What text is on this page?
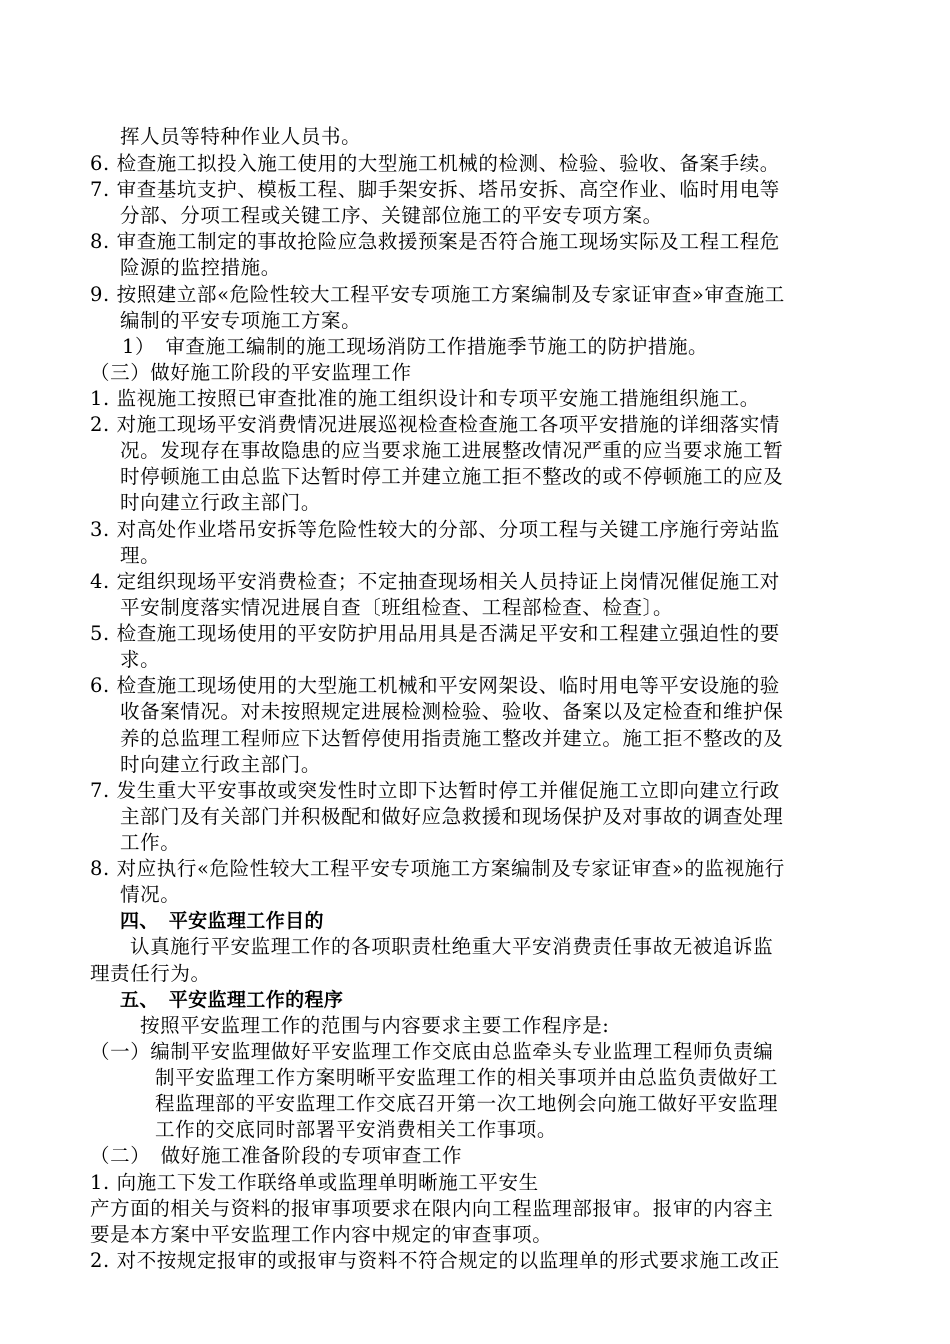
挥人员等特种作业人员书。
6. 检查施工拟投入施工使用的大型施工机械的检测、检验、验收、备案手续。
7. 审查基坑支护、模板工程、脚手架安拆、塔吊安拆、高空作业、临时用电等
分部、分项工程或关键工序、关键部位施工的平安专项方案。
8. 审查施工制定的事故抢险应急救援预案是否符合施工现场实际及工程工程危
险源的监控措施。
9. 按照建立部«危险性较大工程平安专项施工方案编制及专家证审查»审查施工
编制的平安专项施工方案。
1）　审查施工编制的施工现场消防工作措施季节施工的防护措施。
（三）做好施工阶段的平安监理工作
1. 监视施工按照已审查批准的施工组织设计和专项平安施工措施组织施工。
2. 对施工现场平安消费情况进展巡视检查检查施工各项平安措施的详细落实情
况。发现存在事故隐患的应当要求施工进展整改情况严重的应当要求施工暂
时停顿施工由总监下达暂时停工并建立施工拒不整改的或不停顿施工的应及
时向建立行政主部门。
3. 对高处作业塔吊安拆等危险性较大的分部、分项工程与关键工序施行旁站监
理。
4. 定组织现场平安消费检查；不定抽查现场相关人员持证上岗情况催促施工对
平安制度落实情况进展自查〔班组检查、工程部检查、检查〕。
5. 检查施工现场使用的平安防护用品用具是否满足平安和工程建立强迫性的要
求。
6. 检查施工现场使用的大型施工机械和平安网架设、临时用电等平安设施的验
收备案情况。对未按照规定进展检测检验、验收、备案以及定检查和维护保
养的总监理工程师应下达暂停使用指责施工整改并建立。施工拒不整改的及
时向建立行政主部门。
7. 发生重大平安事故或突发性时立即下达暂时停工并催促施工立即向建立行政
主部门及有关部门并积极配和做好应急救援和现场保护及对事故的调查处理
工作。
8. 对应执行«危险性较大工程平安专项施工方案编制及专家证审查»的监视施行
情况。
四、　平安监理工作目的
认真施行平安监理工作的各项职责杜绝重大平安消费责任事故无被追诉监
理责任行为。
五、　平安监理工作的程序
按照平安监理工作的范围与内容要求主要工作程序是:
（一）编制平安监理做好平安监理工作交底由总监牵头专业监理工程师负责编
制平安监理工作方案明晰平安监理工作的相关事项并由总监负责做好工
程监理部的平安监理工作交底召开第一次工地例会向施工做好平安监理
工作的交底同时部署平安消费相关工作事项。
（二）　做好施工准备阶段的专项审查工作
1. 向施工下发工作联络单或监理单明晰施工平安生
产方面的相关与资料的报审事项要求在限内向工程监理部报审。报审的内容主
要是本方案中平安监理工作内容中规定的审查事项。
2. 对不按规定报审的或报审与资料不符合规定的以监理单的形式要求施工改正
